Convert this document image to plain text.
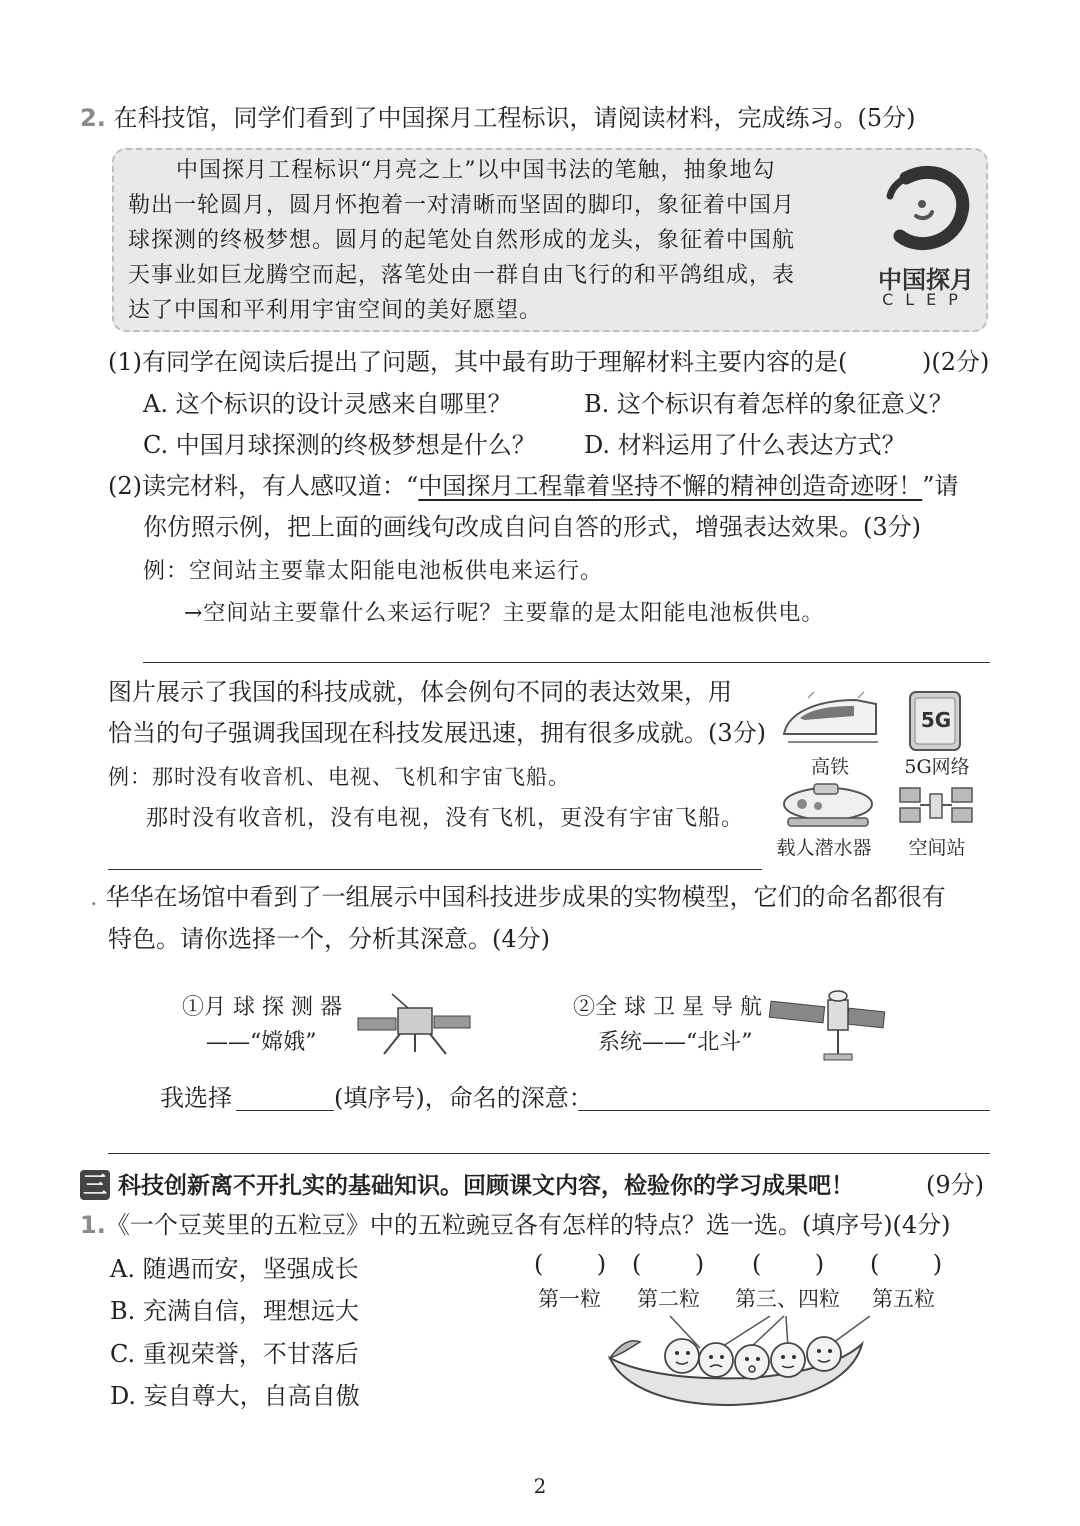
2. 在科技馆，同学们看到了中国探月工程标识，请阅读材料，完成练习。(5分)
中国探月工程标识“月亮之上”以中国书法的笔触，抽象地勾
勒出一轮圆月，圆月怀抱着一对清晰而坚固的脚印，象征着中国月
球探测的终极梦想。圆月的起笔处自然形成的龙头，象征着中国航
天事业如巨龙腾空而起，落笔处由一群自由飞行的和平鸽组成，表
达了中国和平利用宇宙空间的美好愿望。
中国探月
CLEP
(1)有同学在阅读后提出了问题，其中最有助于理解材料主要内容的是(	)(2分)
A. 这个标识的设计灵感来自哪里？	B. 这个标识有着怎样的象征意义？
C. 中国月球探测的终极梦想是什么？ D. 材料运用了什么表达方式？
(2)读完材料，有人感叹道：“中国探月工程靠着坚持不懈的精神创造奇迹呀！”请
你仿照示例，把上面的画线句改成自问自答的形式，增强表达效果。(3分)
例：空间站主要靠太阳能电池板供电来运行。
→空间站主要靠什么来运行呢？主要靠的是太阳能电池板供电。
图片展示了我国的科技成就，体会例句不同的表达效果，用
恰当的句子强调我国现在科技发展迅速，拥有很多成就。(3分)
例：那时没有收音机、电视、飞机和宇宙飞船。
那时没有收音机，没有电视，没有飞机，更没有宇宙飞船。
5G
高铁	5G网络
载人潜水器	空间站
. 华华在场馆中看到了一组展示中国科技进步成果的实物模型，它们的命名都很有
特色。请你选择一个，分析其深意。(4分)
①月 球 探 测 器
——“嫦娥”
②全 球 卫 星 导 航
系统——“北斗”
我选择	(填序号)，命名的深意：
三 科技创新离不开扎实的基础知识。回顾课文内容，检验你的学习成果吧！	(9分)
1.《一个豆荚里的五粒豆》中的五粒豌豆各有怎样的特点？选一选。(填序号)(4分)
A. 随遇而安，坚强成长
B. 充满自信，理想远大
C. 重视荣誉，不甘落后
D. 妄自尊大，自高自傲
(       ) (       ) (       ) (       )
第一粒 第二粒 第三、四粒 第五粒
2
